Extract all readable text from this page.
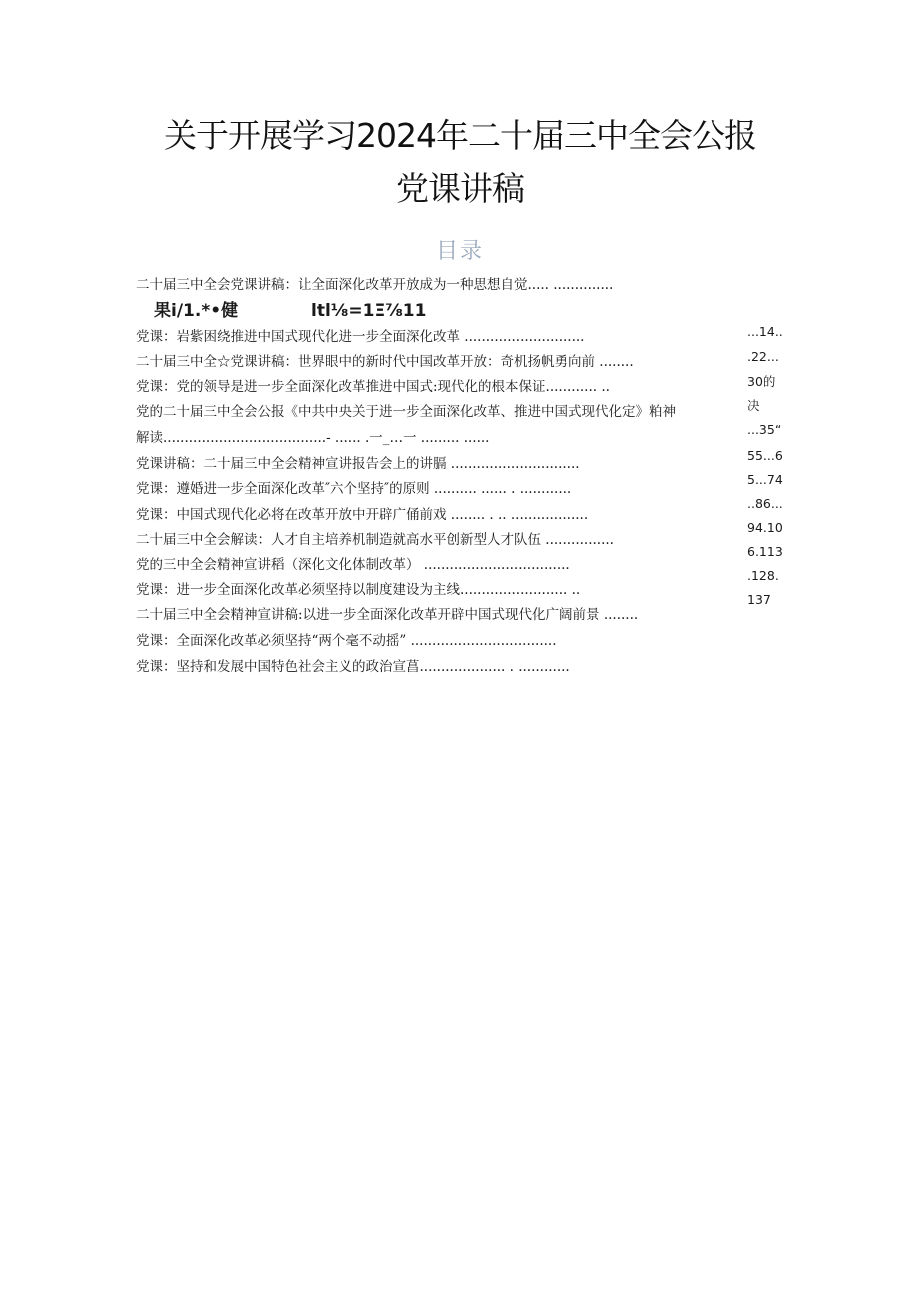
关于开展学习2024年二十届三中全会公报
党课讲稿
目录
二十届三中全会党课讲稿：让全面深化改革开放成为一种思想自觉..... ..............
果i/1.*•健	ltl⅛=1Ξ⅞11
党课：岩紫困绕推进中国式现代化进一步全面深化改革 ............................
二十届三中全☆党课讲稿：世界眼中的新时代中国改革开放：奇机扬帆勇向前 ........
党课：党的领导是进一步全面深化改革推进中国式:现代化的根本保证............ ..
党的二十届三中全会公报《中共中央关于进一步全面深化改革、推进中国式现代化定》粕神
解读......................................- ...... .一_…一 ......... ......
党课讲稿：二十届三中全会精神宣讲报告会上的讲膈 ..............................
党课：遵婚进一步全面深化改革″六个坚持″的原则 .......... ...... . ............
党课：中国式现代化必将在改革开放中开辟广俑前戏 ........ . .. ..................
二十届三中全会解读：人才自主培养机制造就高水平创新型人才队伍 ................
党的三中全会精神宣讲稻（深化文化体制改革） ..................................
党课：进一步全面深化改革必须坚持以制度建设为主线......................... ..
二十届三中全会精神宣讲稿:以进一步全面深化改革开辟中国式现代化广阔前景 ........
党课：全面深化改革必须坚持“两个毫不动摇” ..................................
党课：坚持和发展中国特色社会主义的政治宣菖.................... . ............
...14..
.22...
30的
决
...35“
55...6
5...74
..86...
94.10
6.113
.128.
137
